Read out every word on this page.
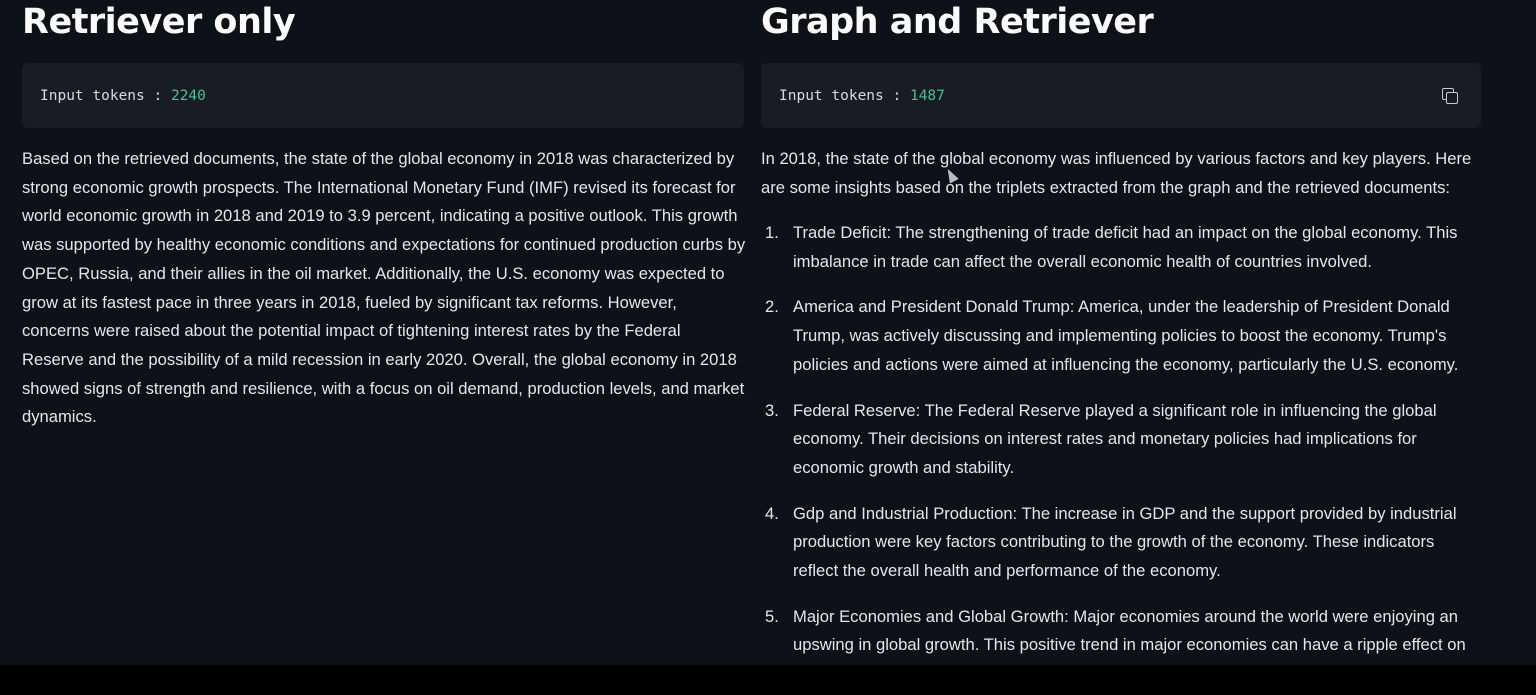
Retriever only
Input tokens : 2240

Based on the retrieved documents, the state of the global economy in 2018 was characterized by strong economic growth prospects. The International Monetary Fund (IMF) revised its forecast for world economic growth in 2018 and 2019 to 3.9 percent, indicating a positive outlook. This growth was supported by healthy economic conditions and expectations for continued production curbs by OPEC, Russia, and their allies in the oil market. Additionally, the U.S. economy was expected to grow at its fastest pace in three years in 2018, fueled by significant tax reforms. However, concerns were raised about the potential impact of tightening interest rates by the Federal Reserve and the possibility of a mild recession in early 2020. Overall, the global economy in 2018 showed signs of strength and resilience, with a focus on oil demand, production levels, and market dynamics.

Graph and Retriever
Input tokens : 1487

In 2018, the state of the global economy was influenced by various factors and key players. Here are some insights based on the triplets extracted from the graph and the retrieved documents:

1. Trade Deficit: The strengthening of trade deficit had an impact on the global economy. This imbalance in trade can affect the overall economic health of countries involved.
2. America and President Donald Trump: America, under the leadership of President Donald Trump, was actively discussing and implementing policies to boost the economy. Trump's policies and actions were aimed at influencing the economy, particularly the U.S. economy.
3. Federal Reserve: The Federal Reserve played a significant role in influencing the global economy. Their decisions on interest rates and monetary policies had implications for economic growth and stability.
4. Gdp and Industrial Production: The increase in GDP and the support provided by industrial production were key factors contributing to the growth of the economy. These indicators reflect the overall health and performance of the economy.
5. Major Economies and Global Growth: Major economies around the world were enjoying an upswing in global growth. This positive trend in major economies can have a ripple effect on
